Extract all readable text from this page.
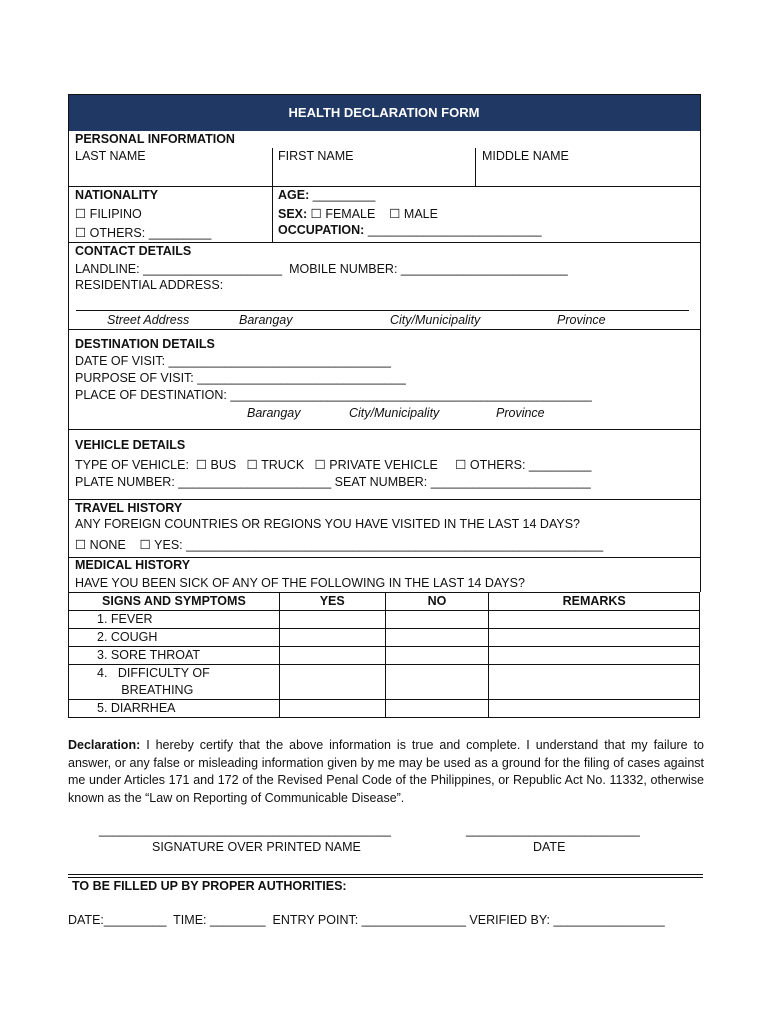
HEALTH DECLARATION FORM
PERSONAL INFORMATION
LAST NAME	FIRST NAME	MIDDLE NAME
NATIONALITY
☐ FILIPINO
☐ OTHERS: _________
AGE: _________
SEX: ☐ FEMALE    ☐ MALE
OCCUPATION: _________________________
CONTACT DETAILS
LANDLINE: ____________________  MOBILE NUMBER: ________________________
RESIDENTIAL ADDRESS:
Street Address	Barangay	City/Municipality	Province
DESTINATION DETAILS
DATE OF VISIT: ________________________________
PURPOSE OF VISIT: ______________________________
PLACE OF DESTINATION: ____________________________________________________
Barangay	City/Municipality	Province
VEHICLE DETAILS
TYPE OF VEHICLE:  ☐ BUS   ☐ TRUCK   ☐ PRIVATE VEHICLE     ☐ OTHERS: _________
PLATE NUMBER: ______________________ SEAT NUMBER: _______________________
TRAVEL HISTORY
ANY FOREIGN COUNTRIES OR REGIONS YOU HAVE VISITED IN THE LAST 14 DAYS?
☐ NONE    ☐ YES: ____________________________________________________________
MEDICAL HISTORY
HAVE YOU BEEN SICK OF ANY OF THE FOLLOWING IN THE LAST 14 DAYS?
SIGNS AND SYMPTOMS	YES	NO	REMARKS
1. FEVER			
2. COUGH			
3. SORE THROAT			

4.   DIFFICULTY OF
BREATHING			

5. DIARRHEA			
Declaration: I hereby certify that the above information is true and complete. I understand that my failure to answer, or any false or misleading information given by me may be used as a ground for the filing of cases against me under Articles 171 and 172 of the Revised Penal Code of the Philippines, or Republic Act No. 11332, otherwise known as the “Law on Reporting of Communicable Disease”.
__________________________________________
SIGNATURE OVER PRINTED NAME
_________________________
DATE
TO BE FILLED UP BY PROPER AUTHORITIES:
DATE:_________  TIME: ________  ENTRY POINT: _______________ VERIFIED BY: ________________
